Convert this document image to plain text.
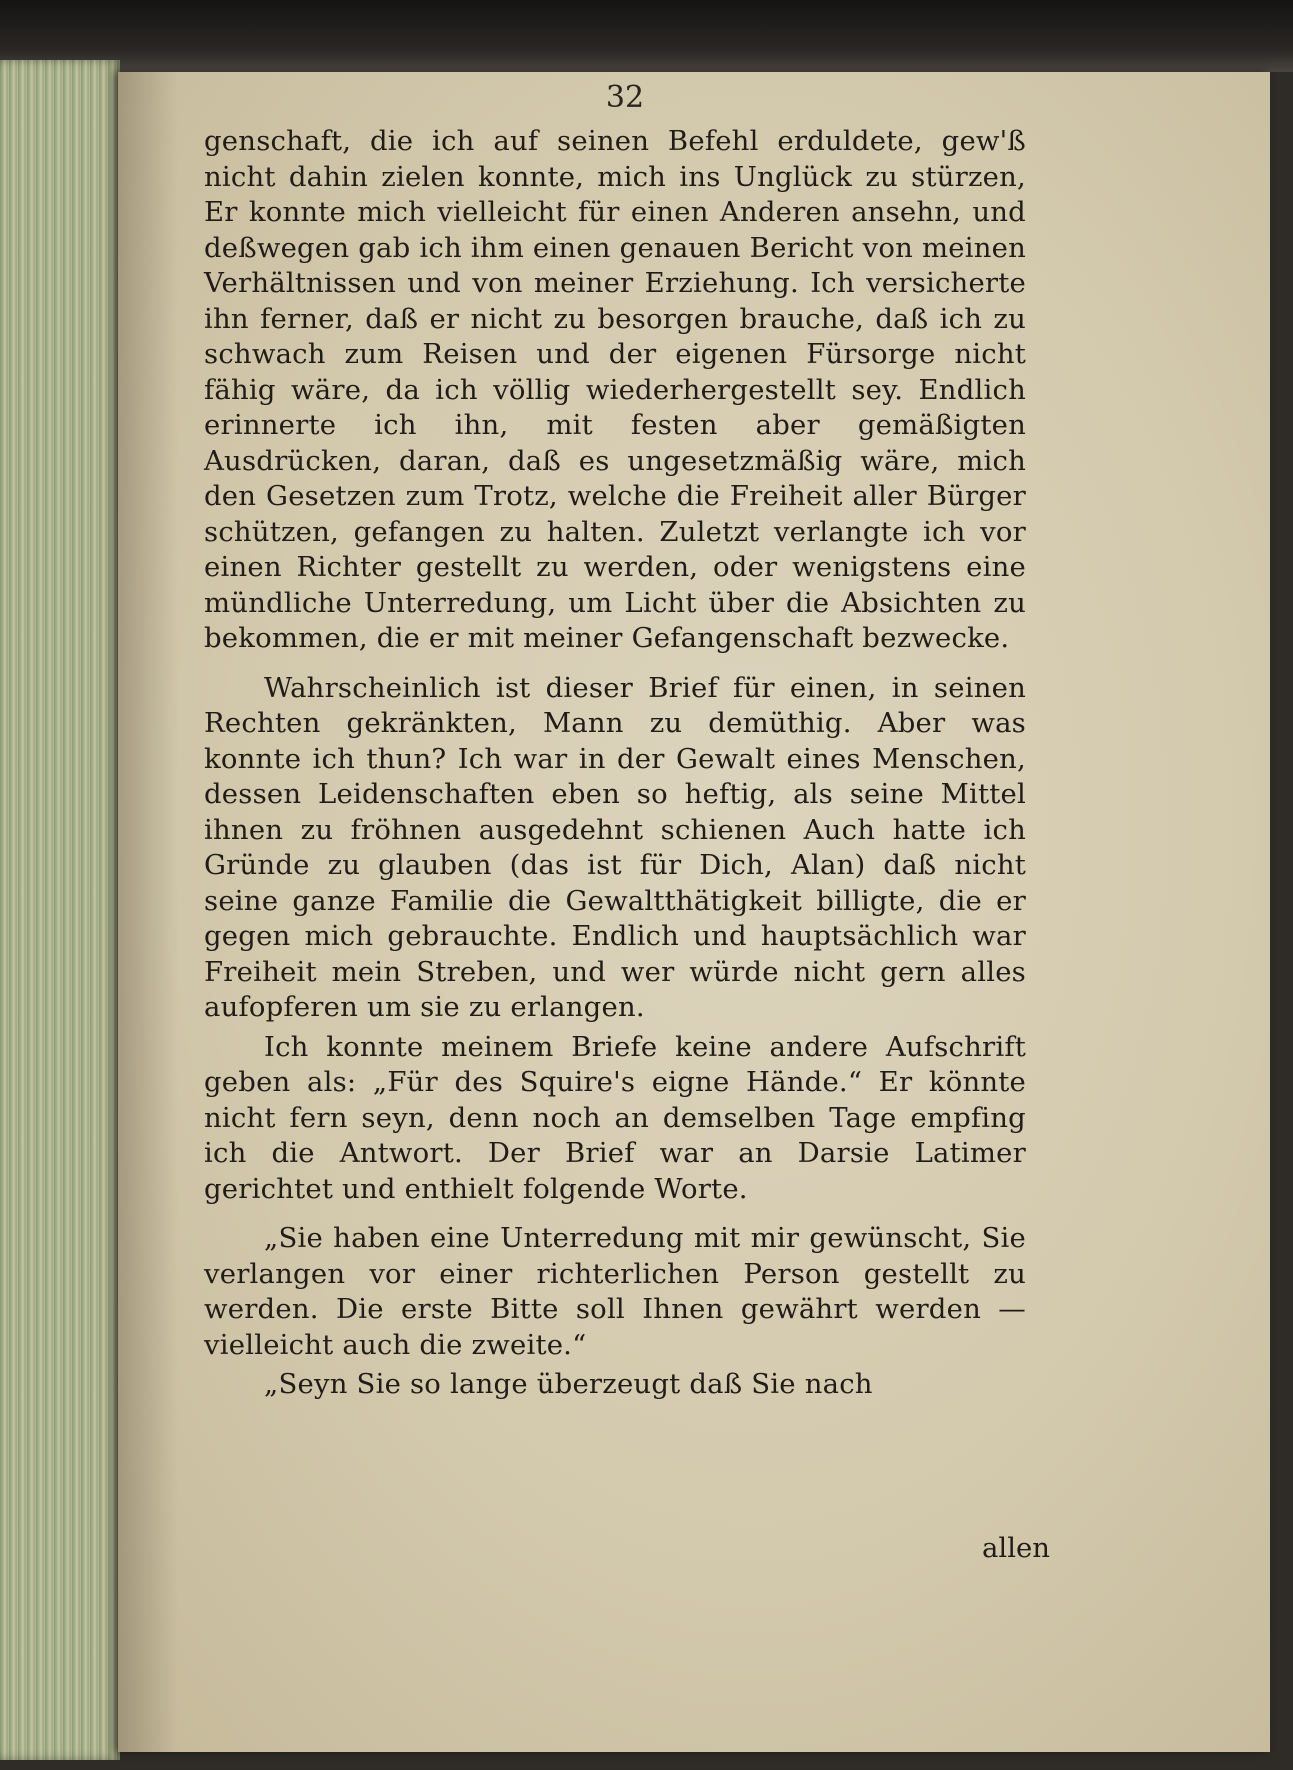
32

genschaft, die ich auf seinen Befehl erduldete, gew'ß nicht dahin zielen konnte, mich ins Unglück zu stürzen, Er konnte mich vielleicht für einen Anderen ansehn, und deßwegen gab ich ihm einen genauen Bericht von meinen Verhältnissen und von meiner Erziehung. Ich versicherte ihn ferner, daß er nicht zu besorgen brauche, daß ich zu schwach zum Reisen und der eigenen Fürsorge nicht fähig wäre, da ich völlig wiederhergestellt sey. Endlich erinnerte ich ihn, mit festen aber gemäßigten Ausdrücken, daran, daß es ungesetzmäßig wäre, mich den Gesetzen zum Trotz, welche die Freiheit aller Bürger schützen, gefangen zu halten. Zuletzt verlangte ich vor einen Richter gestellt zu werden, oder wenigstens eine mündliche Unterredung, um Licht über die Absichten zu bekommen, die er mit meiner Gefangenschaft bezwecke.

Wahrscheinlich ist dieser Brief für einen, in seinen Rechten gekränkten, Mann zu demüthig. Aber was konnte ich thun? Ich war in der Gewalt eines Menschen, dessen Leidenschaften eben so heftig, als seine Mittel ihnen zu fröhnen ausgedehnt schienen Auch hatte ich Gründe zu glauben (das ist für Dich, Alan) daß nicht seine ganze Familie die Gewaltthätigkeit billigte, die er gegen mich gebrauchte. Endlich und hauptsächlich war Freiheit mein Streben, und wer würde nicht gern alles aufopferen um sie zu erlangen.

Ich konnte meinem Briefe keine andere Aufschrift geben als: „Für des Squire's eigne Hände.“ Er könnte nicht fern seyn, denn noch an demselben Tage empfing ich die Antwort. Der Brief war an Darsie Latimer gerichtet und enthielt folgende Worte.

„Sie haben eine Unterredung mit mir gewünscht, Sie verlangen vor einer richterlichen Person gestellt zu werden. Die erste Bitte soll Ihnen gewährt werden — vielleicht auch die zweite.“

„Seyn Sie so lange überzeugt daß Sie nach

allen
